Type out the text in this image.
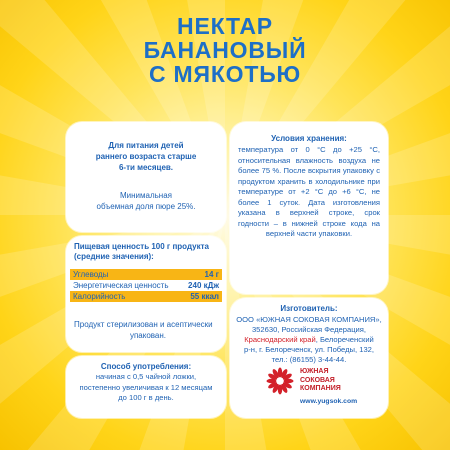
НЕКТАР
БАНАНОВЫЙ
С МЯКОТЬЮ
Для питания детей
раннего возраста старше
6-ти месяцев.
Минимальная
объемная доля пюре 25%.
Условия хранения:
температура от 0 °С до +25 °С, относительная влажность воздуха не более 75 %. После вскрытия упаковку с продуктом хранить в холодильнике при температуре от +2 °С до +6 °С, не более 1 суток. Дата изготовления указана в верхней строке, срок годности – в нижней строке кода на верхней части упаковки.
Пищевая ценность 100 г продукта
(средние значения):
Углеводы	14 г
Энергетическая ценность 240 кДж
Калорийность	55 ккал
Продукт стерилизован и асептически
упакован.
Изготовитель:
ООО «ЮЖНАЯ СОКОВАЯ КОМПАНИЯ»,
352630, Российская Федерация,
Краснодарский край, Белореченский
р-н, г. Белореченск, ул. Победы, 132,
тел.: (86155) 3-44-44.
ЮЖНАЯ
СОКОВАЯ
КОМПАНИЯ
www.yugsok.com
Способ употребления:
начиная с 0,5 чайной ложки,
постепенно увеличивая к 12 месяцам
до 100 г в день.
